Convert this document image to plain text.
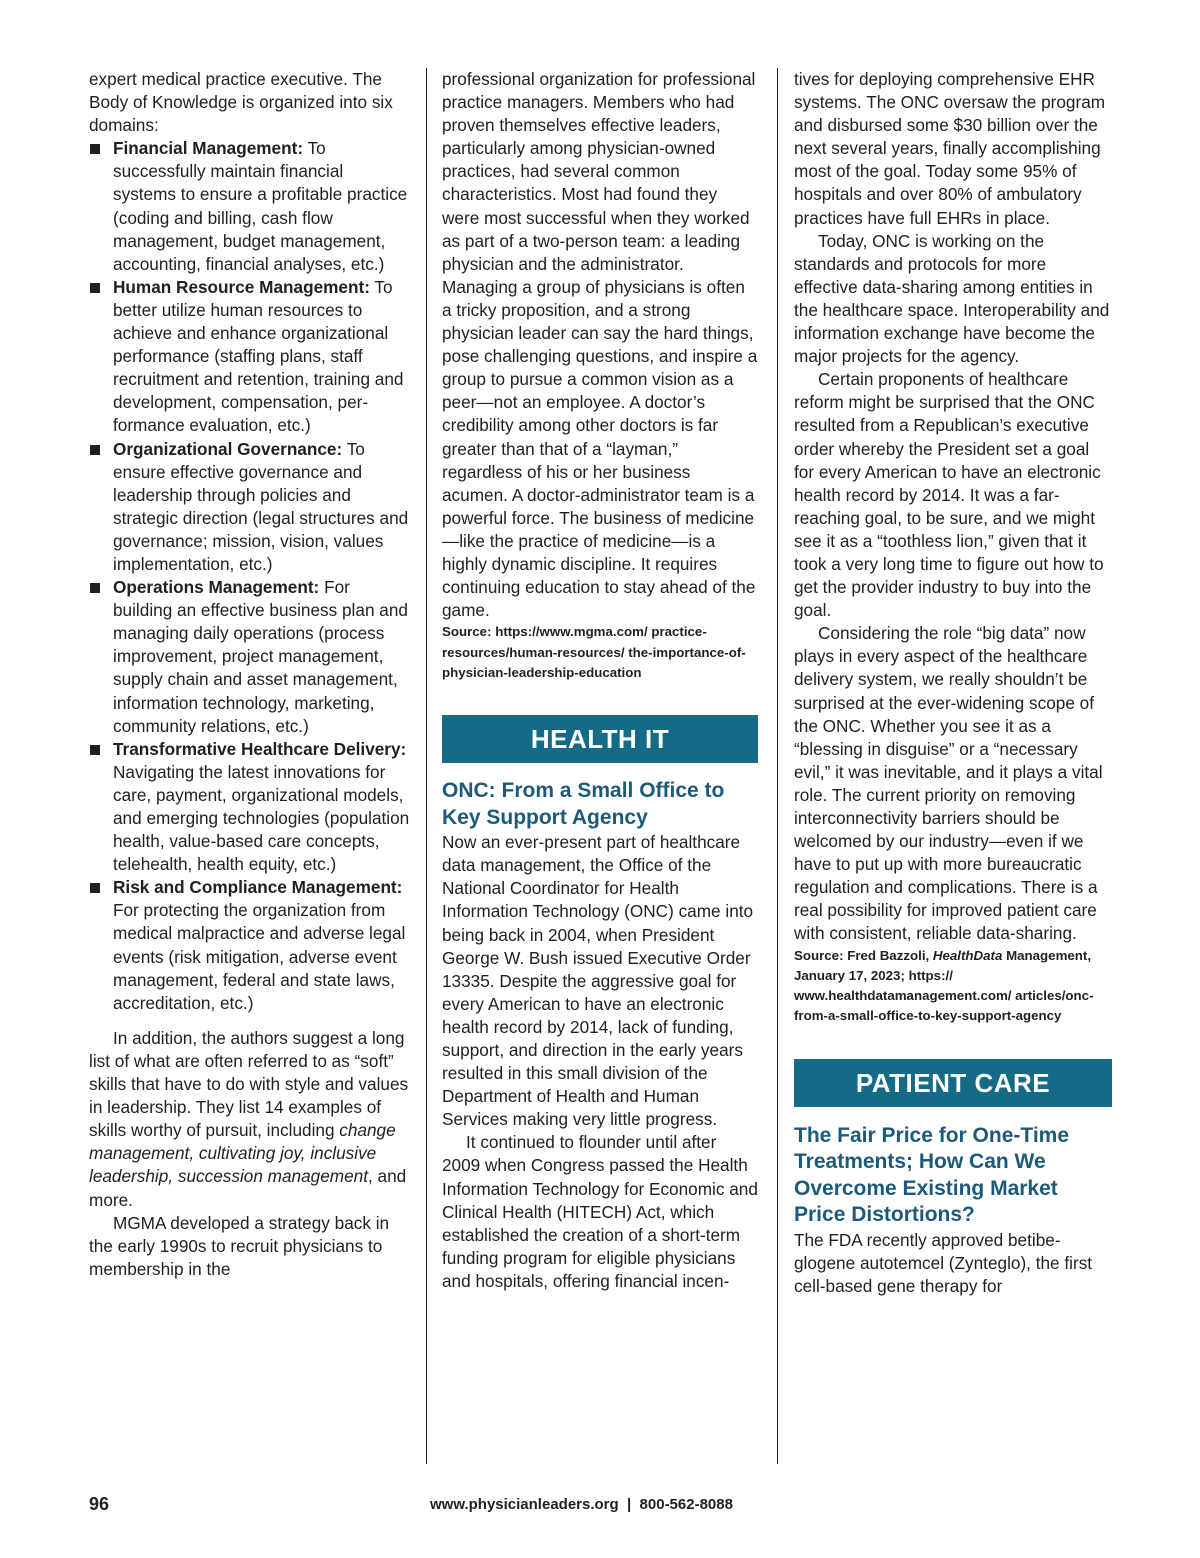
expert medical practice executive. The Body of Knowledge is organized into six domains:

Financial Management: To successfully maintain financial systems to ensure a profitable practice (coding and billing, cash flow management, budget management, accounting, financial analyses, etc.)
Human Resource Management: To better utilize human resources to achieve and enhance organizational performance (staffing plans, staff recruitment and retention, training and development, compensation, performance evaluation, etc.)
Organizational Governance: To ensure effective governance and leadership through policies and strategic direction (legal structures and governance; mission, vision, values implementation, etc.)
Operations Management: For building an effective business plan and managing daily operations (process improvement, project management, supply chain and asset management, information technology, marketing, community relations, etc.)
Transformative Healthcare Delivery: Navigating the latest innovations for care, payment, organizational models, and emerging technologies (population health, value-based care concepts, telehealth, health equity, etc.)
Risk and Compliance Management: For protecting the organization from medical malpractice and adverse legal events (risk mitigation, adverse event management, federal and state laws, accreditation, etc.)

In addition, the authors suggest a long list of what are often referred to as “soft” skills that have to do with style and values in leadership. They list 14 examples of skills worthy of pursuit, including change management, cultivating joy, inclusive leadership, succession management, and more.

MGMA developed a strategy back in the early 1990s to recruit physicians to membership in the

professional organization for professional practice managers. Members who had proven themselves effective leaders, particularly among physician-owned practices, had several common characteristics. Most had found they were most successful when they worked as part of a two-person team: a leading physician and the administrator. Managing a group of physicians is often a tricky proposition, and a strong physician leader can say the hard things, pose challenging questions, and inspire a group to pursue a common vision as a peer—not an employee. A doctor’s credibility among other doctors is far greater than that of a “layman,” regardless of his or her business acumen. A doctor-administrator team is a powerful force. The business of medicine—like the practice of medicine—is a highly dynamic discipline. It requires continuing education to stay ahead of the game.

Source: https://www.mgma.com/ practice-resources/human-resources/ the-importance-of-physician-leadership-education

HEALTH IT
ONC: From a Small Office to Key Support Agency

Now an ever-present part of healthcare data management, the Office of the National Coordinator for Health Information Technology (ONC) came into being back in 2004, when President George W. Bush issued Executive Order 13335. Despite the aggressive goal for every American to have an electronic health record by 2014, lack of funding, support, and direction in the early years resulted in this small division of the Department of Health and Human Services making very little progress.

It continued to flounder until after 2009 when Congress passed the Health Information Technology for Economic and Clinical Health (HITECH) Act, which established the creation of a short-term funding program for eligible physicians and hospitals, offering financial incen-

tives for deploying comprehensive EHR systems. The ONC oversaw the program and disbursed some $30 billion over the next several years, finally accomplishing most of the goal. Today some 95% of hospitals and over 80% of ambulatory practices have full EHRs in place.

Today, ONC is working on the standards and protocols for more effective data-sharing among entities in the healthcare space. Interoperability and information exchange have become the major projects for the agency.

Certain proponents of healthcare reform might be surprised that the ONC resulted from a Republican’s executive order whereby the President set a goal for every American to have an electronic health record by 2014. It was a far-reaching goal, to be sure, and we might see it as a “toothless lion,” given that it took a very long time to figure out how to get the provider industry to buy into the goal.

Considering the role “big data” now plays in every aspect of the healthcare delivery system, we really shouldn’t be surprised at the ever-widening scope of the ONC. Whether you see it as a “blessing in disguise” or a “necessary evil,” it was inevitable, and it plays a vital role. The current priority on removing interconnectivity barriers should be welcomed by our industry—even if we have to put up with more bureaucratic regulation and complications. There is a real possibility for improved patient care with consistent, reliable data-sharing.

Source: Fred Bazzoli, HealthData Management, January 17, 2023; https:// www.healthdatamanagement.com/ articles/onc-from-a-small-office-to-key-support-agency

PATIENT CARE
The Fair Price for One-Time Treatments; How Can We Overcome Existing Market Price Distortions?

The FDA recently approved betibeglogene autotemcel (Zynteglo), the first cell-based gene therapy for

96	www.physicianleaders.org  |  800-562-8088
